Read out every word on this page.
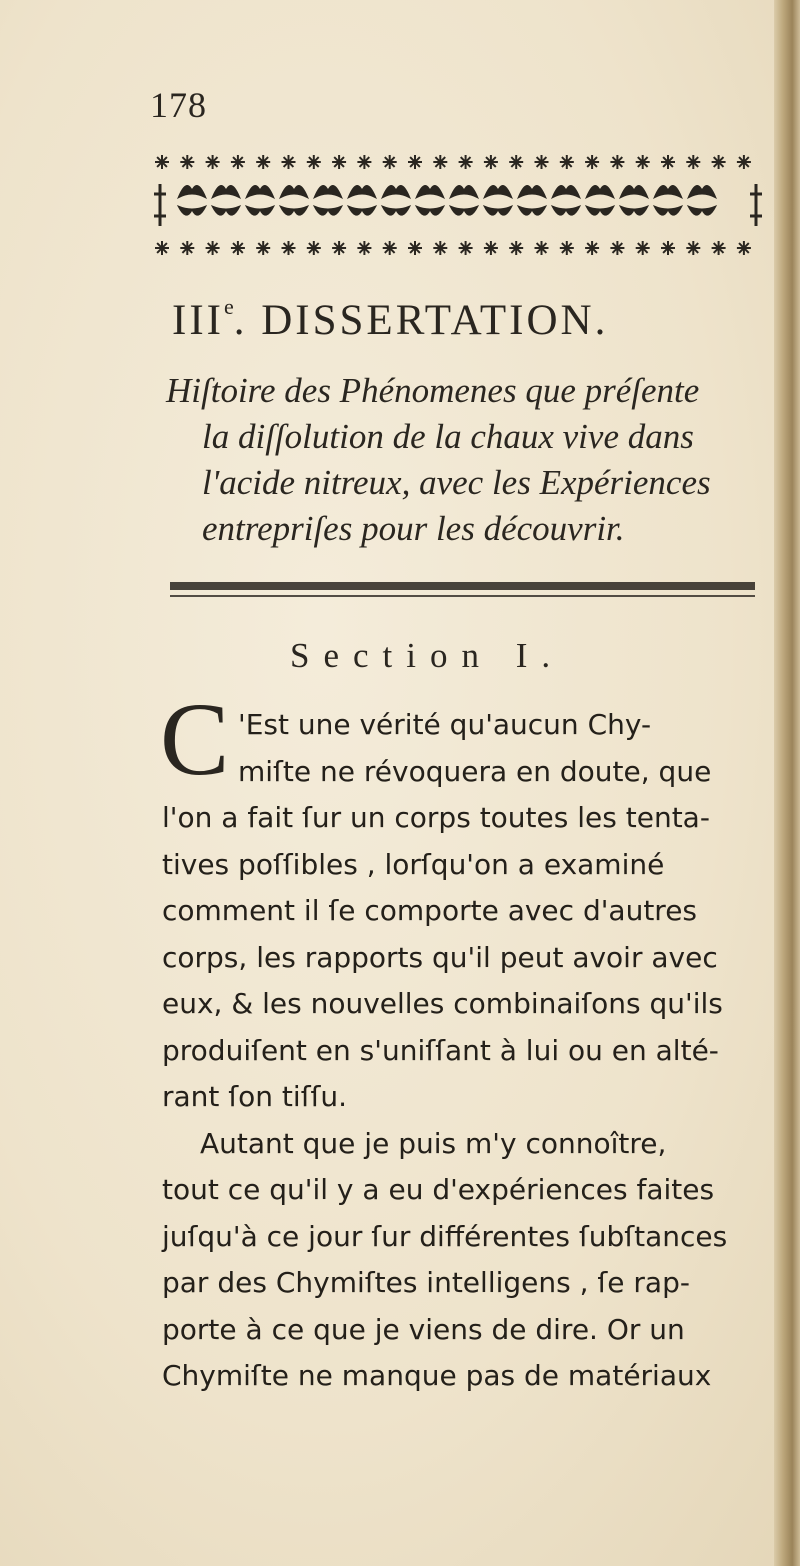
178
IIIe. DISSERTATION.
Hiſtoire des Phénomenes que préſente
la diſſolution de la chaux vive dans
l'acide nitreux, avec les Expériences
entrepriſes pour les découvrir.
Section I.
C 'Est une vérité qu'aucun Chy-
miſte ne révoquera en doute, que
l'on a fait ſur un corps toutes les tenta-
tives poſſibles , lorſqu'on a examiné
comment il ſe comporte avec d'autres
corps, les rapports qu'il peut avoir avec
eux, & les nouvelles combinaiſons qu'ils
produiſent en s'uniſſant à lui ou en alté-
rant ſon tiſſu.
Autant que je puis m'y connoître,
tout ce qu'il y a eu d'expériences faites
juſqu'à ce jour ſur différentes ſubſtances
par des Chymiſtes intelligens , ſe rap-
porte à ce que je viens de dire. Or un
Chymiſte ne manque pas de matériaux
